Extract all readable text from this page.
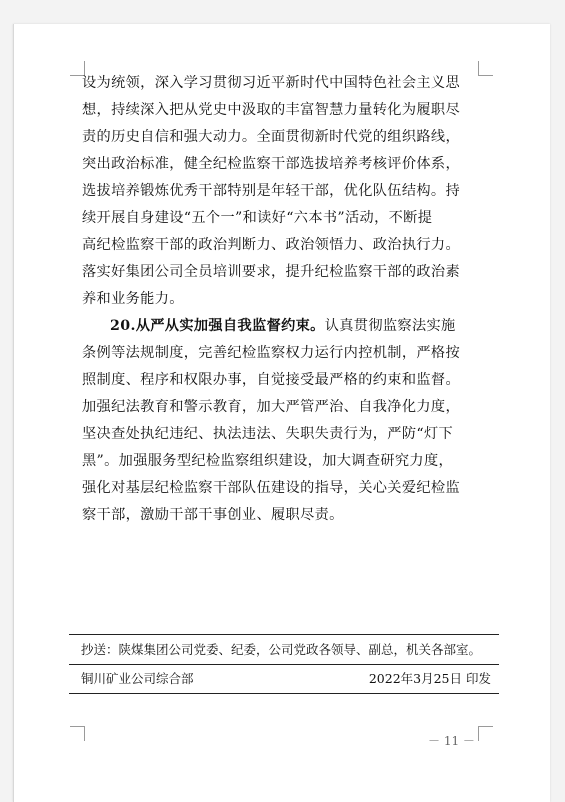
设为统领，深入学习贯彻习近平新时代中国特色社会主义思
想，持续深入把从党史中汲取的丰富智慧力量转化为履职尽
责的历史自信和强大动力。全面贯彻新时代党的组织路线，
突出政治标准，健全纪检监察干部选拔培养考核评价体系，
选拔培养锻炼优秀干部特别是年轻干部，优化队伍结构。持
续开展自身建设“五个一”和读好“六本书”活动，不断提
高纪检监察干部的政治判断力、政治领悟力、政治执行力。
落实好集团公司全员培训要求，提升纪检监察干部的政治素
养和业务能力。
20.从严从实加强自我监督约束。认真贯彻监察法实施
条例等法规制度，完善纪检监察权力运行内控机制，严格按
照制度、程序和权限办事，自觉接受最严格的约束和监督。
加强纪法教育和警示教育，加大严管严治、自我净化力度，
坚决查处执纪违纪、执法违法、失职失责行为，严防“灯下
黑”。加强服务型纪检监察组织建设，加大调查研究力度，
强化对基层纪检监察干部队伍建设的指导，关心关爱纪检监
察干部，激励干部干事创业、履职尽责。
抄送：陕煤集团公司党委、纪委，公司党政各领导、副总，机关各部室。
铜川矿业公司综合部	2022年3月25日 印发
－ 11 －
